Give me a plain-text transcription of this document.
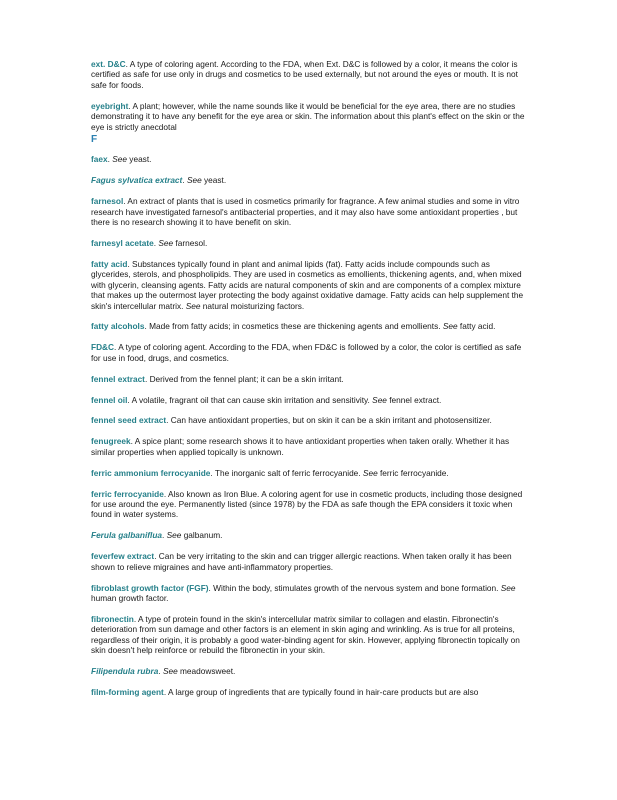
ext. D&C. A type of coloring agent. According to the FDA, when Ext. D&C is followed by a color, it means the color is certified as safe for use only in drugs and cosmetics to be used externally, but not around the eyes or mouth. It is not safe for foods.

eyebright. A plant; however, while the name sounds like it would be beneficial for the eye area, there are no studies demonstrating it to have any benefit for the eye area or skin. The information about this plant's effect on the skin or the eye is strictly anecdotal

F

faex. See yeast.

Fagus sylvatica extract. See yeast.

farnesol. An extract of plants that is used in cosmetics primarily for fragrance. A few animal studies and some in vitro research have investigated farnesol's antibacterial properties, and it may also have some antioxidant properties , but there is no research showing it to have benefit on skin.

farnesyl acetate. See farnesol.

fatty acid. Substances typically found in plant and animal lipids (fat). Fatty acids include compounds such as glycerides, sterols, and phospholipids. They are used in cosmetics as emollients, thickening agents, and, when mixed with glycerin, cleansing agents. Fatty acids are natural components of skin and are components of a complex mixture that makes up the outermost layer protecting the body against oxidative damage. Fatty acids can help supplement the skin's intercellular matrix. See natural moisturizing factors.

fatty alcohols. Made from fatty acids; in cosmetics these are thickening agents and emollients. See fatty acid.

FD&C. A type of coloring agent. According to the FDA, when FD&C is followed by a color, the color is certified as safe for use in food, drugs, and cosmetics.

fennel extract. Derived from the fennel plant; it can be a skin irritant.

fennel oil. A volatile, fragrant oil that can cause skin irritation and sensitivity. See fennel extract.

fennel seed extract. Can have antioxidant properties, but on skin it can be a skin irritant and photosensitizer.

fenugreek. A spice plant; some research shows it to have antioxidant properties when taken orally. Whether it has similar properties when applied topically is unknown.

ferric ammonium ferrocyanide. The inorganic salt of ferric ferrocyanide. See ferric ferrocyanide.

ferric ferrocyanide. Also known as Iron Blue. A coloring agent for use in cosmetic products, including those designed for use around the eye. Permanently listed (since 1978) by the FDA as safe though the EPA considers it toxic when found in water systems.

Ferula galbaniflua. See galbanum.

feverfew extract. Can be very irritating to the skin and can trigger allergic reactions. When taken orally it has been shown to relieve migraines and have anti-inflammatory properties.

fibroblast growth factor (FGF). Within the body, stimulates growth of the nervous system and bone formation. See human growth factor.

fibronectin. A type of protein found in the skin's intercellular matrix similar to collagen and elastin. Fibronectin's deterioration from sun damage and other factors is an element in skin aging and wrinkling. As is true for all proteins, regardless of their origin, it is probably a good water-binding agent for skin. However, applying fibronectin topically on skin doesn't help reinforce or rebuild the fibronectin in your skin.

Filipendula rubra. See meadowsweet.

film-forming agent. A large group of ingredients that are typically found in hair-care products but are also
